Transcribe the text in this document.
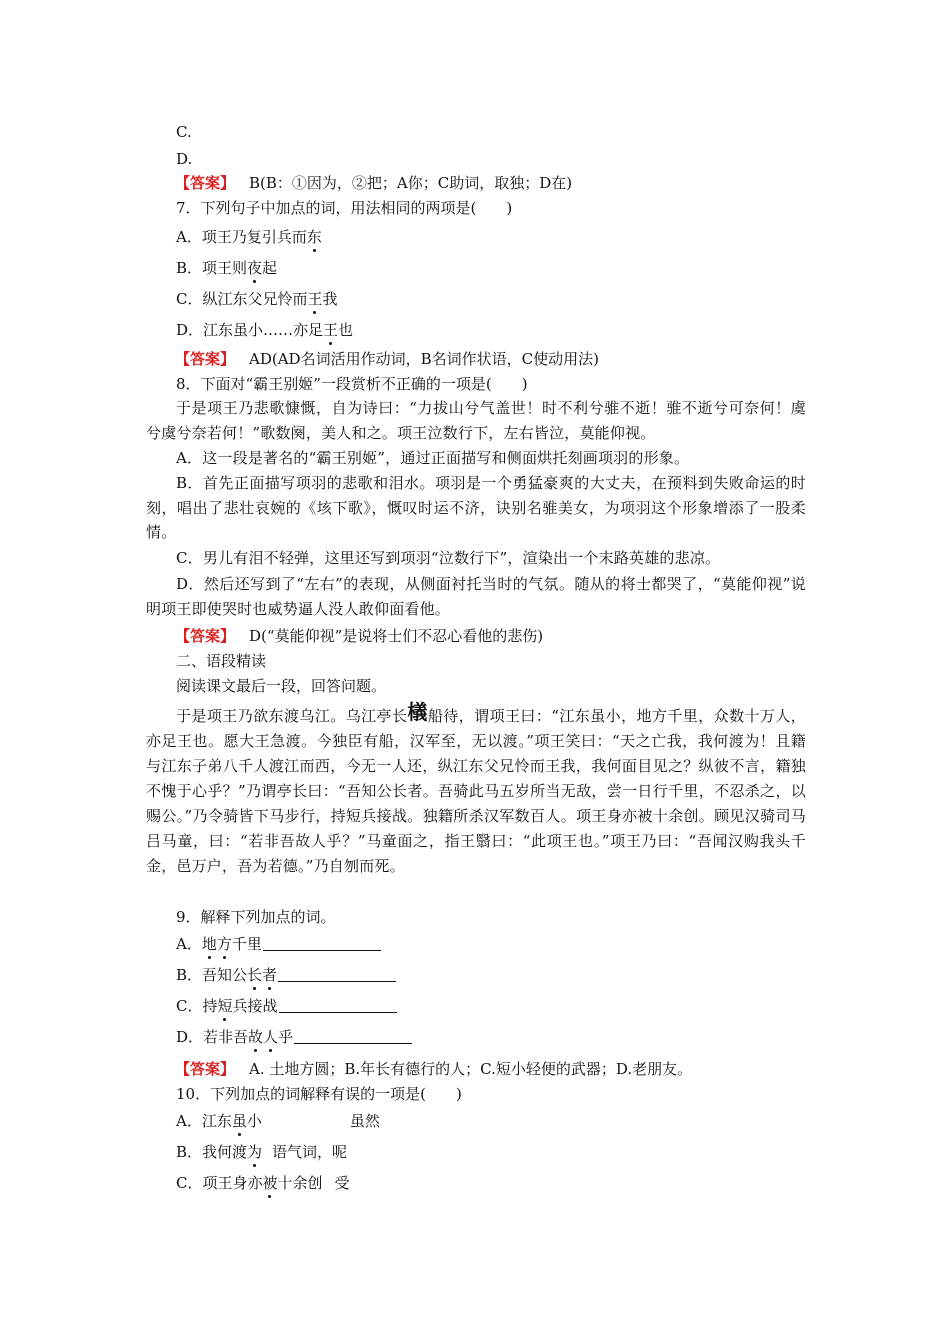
C.
D.
【答案】 B(B：①因为，②把；A你；C助词，取独；D在)
7．下列句子中加点的词，用法相同的两项是(　　)
A．项王乃复引兵而东
B．项王则夜起
C．纵江东父兄怜而王我
D．江东虽小……亦足王也
【答案】 AD(AD名词活用作动词，B名词作状语，C使动用法)
8．下面对“霸王别姬”一段赏析不正确的一项是(　　)
于是项王乃悲歌慷慨，自为诗曰：“力拔山兮气盖世！时不利兮骓不逝！骓不逝兮可奈何！虞兮虞兮奈若何！”歌数阕，美人和之。项王泣数行下，左右皆泣，莫能仰视。
A．这一段是著名的“霸王别姬”，通过正面描写和侧面烘托刻画项羽的形象。
B．首先正面描写项羽的悲歌和泪水。项羽是一个勇猛豪爽的大丈夫，在预料到失败命运的时刻，唱出了悲壮哀婉的《垓下歌》，慨叹时运不济，诀别名骓美女，为项羽这个形象增添了一股柔情。
C．男儿有泪不轻弹，这里还写到项羽“泣数行下”，渲染出一个末路英雄的悲凉。
D．然后还写到了“左右”的表现，从侧面衬托当时的气氛。随从的将士都哭了，“莫能仰视”说明项王即使哭时也威势逼人没人敢仰面看他。
【答案】 D(“莫能仰视”是说将士们不忍心看他的悲伤)
二、语段精读
阅读课文最后一段，回答问题。
于是项王乃欲东渡乌江。乌江亭长檥船待，谓项王曰：“江东虽小，地方千里，众数十万人，亦足王也。愿大王急渡。今独臣有船，汉军至，无以渡。”项王笑曰：“天之亡我，我何渡为！且籍与江东子弟八千人渡江而西，今无一人还，纵江东父兄怜而王我，我何面目见之？纵彼不言，籍独不愧于心乎？”乃谓亭长曰：“吾知公长者。吾骑此马五岁所当无敌，尝一日行千里，不忍杀之，以赐公。”乃令骑皆下马步行，持短兵接战。独籍所杀汉军数百人。项王身亦被十余创。顾见汉骑司马吕马童，曰：“若非吾故人乎？”马童面之，指王翳曰：“此项王也。”项王乃曰：“吾闻汉购我头千金，邑万户，吾为若德。”乃自刎而死。
9．解释下列加点的词。
A．地方千里
B．吾知公长者
C．持短兵接战
D．若非吾故人乎
【答案】 A. 土地方圆；B.年长有德行的人；C.短小轻便的武器；D.老朋友。
10．下列加点的词解释有误的一项是(　　)
A．江东虽小	虽然
B．我何渡为 语气词，呢
C．项王身亦被十余创 受
